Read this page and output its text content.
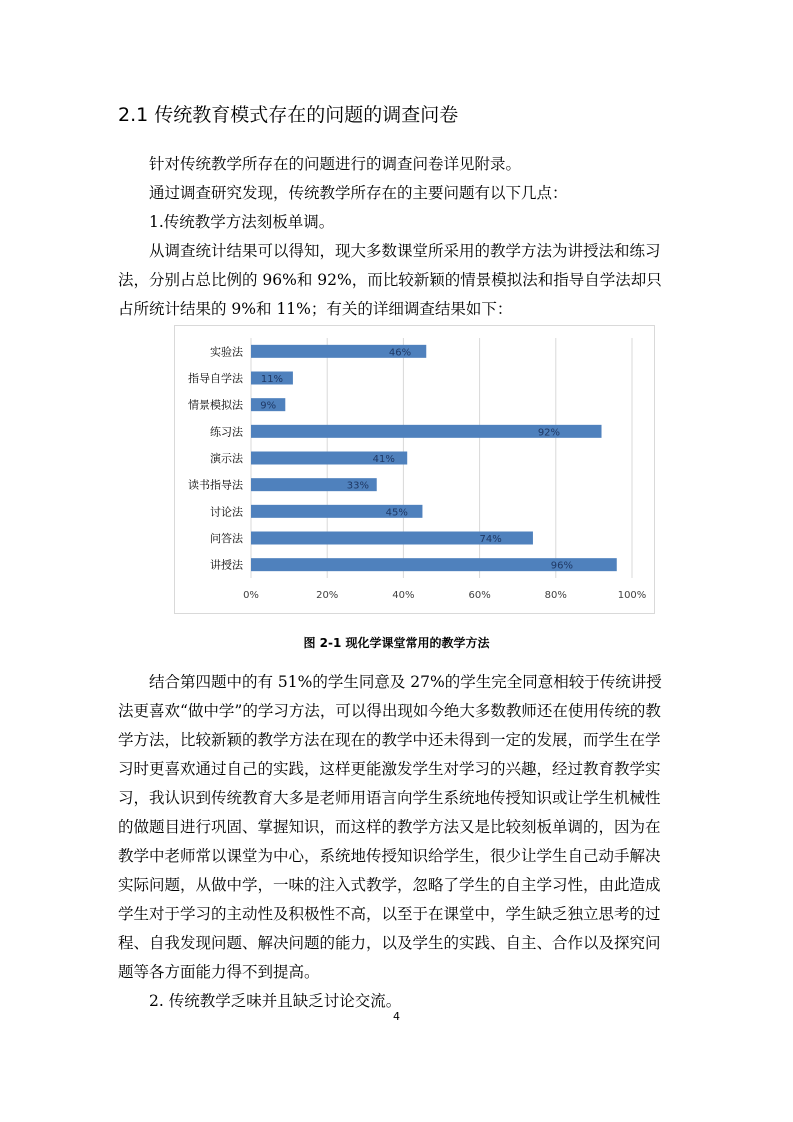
2.1 传统教育模式存在的问题的调查问卷
针对传统教学所存在的问题进行的调查问卷详见附录。
通过调查研究发现，传统教学所存在的主要问题有以下几点：
1.传统教学方法刻板单调。
从调查统计结果可以得知，现大多数课堂所采用的教学方法为讲授法和练习
法，分别占总比例的 96%和 92%，而比较新颖的情景模拟法和指导自学法却只
占所统计结果的 9%和 11%；有关的详细调查结果如下：
0%	20%	40%	60%	80%	100%
实验法	46%
指导自学法 11%
情景模拟法 9%
练习法	92%
演示法	41%
读书指导法	33%
讨论法	45%
问答法	74%
讲授法	96%
图 2-1 现化学课堂常用的教学方法
结合第四题中的有 51%的学生同意及 27%的学生完全同意相较于传统讲授
法更喜欢“做中学”的学习方法，可以得出现如今绝大多数教师还在使用传统的教
学方法，比较新颖的教学方法在现在的教学中还未得到一定的发展，而学生在学
习时更喜欢通过自己的实践，这样更能激发学生对学习的兴趣，经过教育教学实
习，我认识到传统教育大多是老师用语言向学生系统地传授知识或让学生机械性
的做题目进行巩固、掌握知识，而这样的教学方法又是比较刻板单调的，因为在
教学中老师常以课堂为中心，系统地传授知识给学生，很少让学生自己动手解决
实际问题，从做中学，一味的注入式教学，忽略了学生的自主学习性，由此造成
学生对于学习的主动性及积极性不高，以至于在课堂中，学生缺乏独立思考的过
程、自我发现问题、解决问题的能力，以及学生的实践、自主、合作以及探究问
题等各方面能力得不到提高。
2. 传统教学乏味并且缺乏讨论交流。
4
